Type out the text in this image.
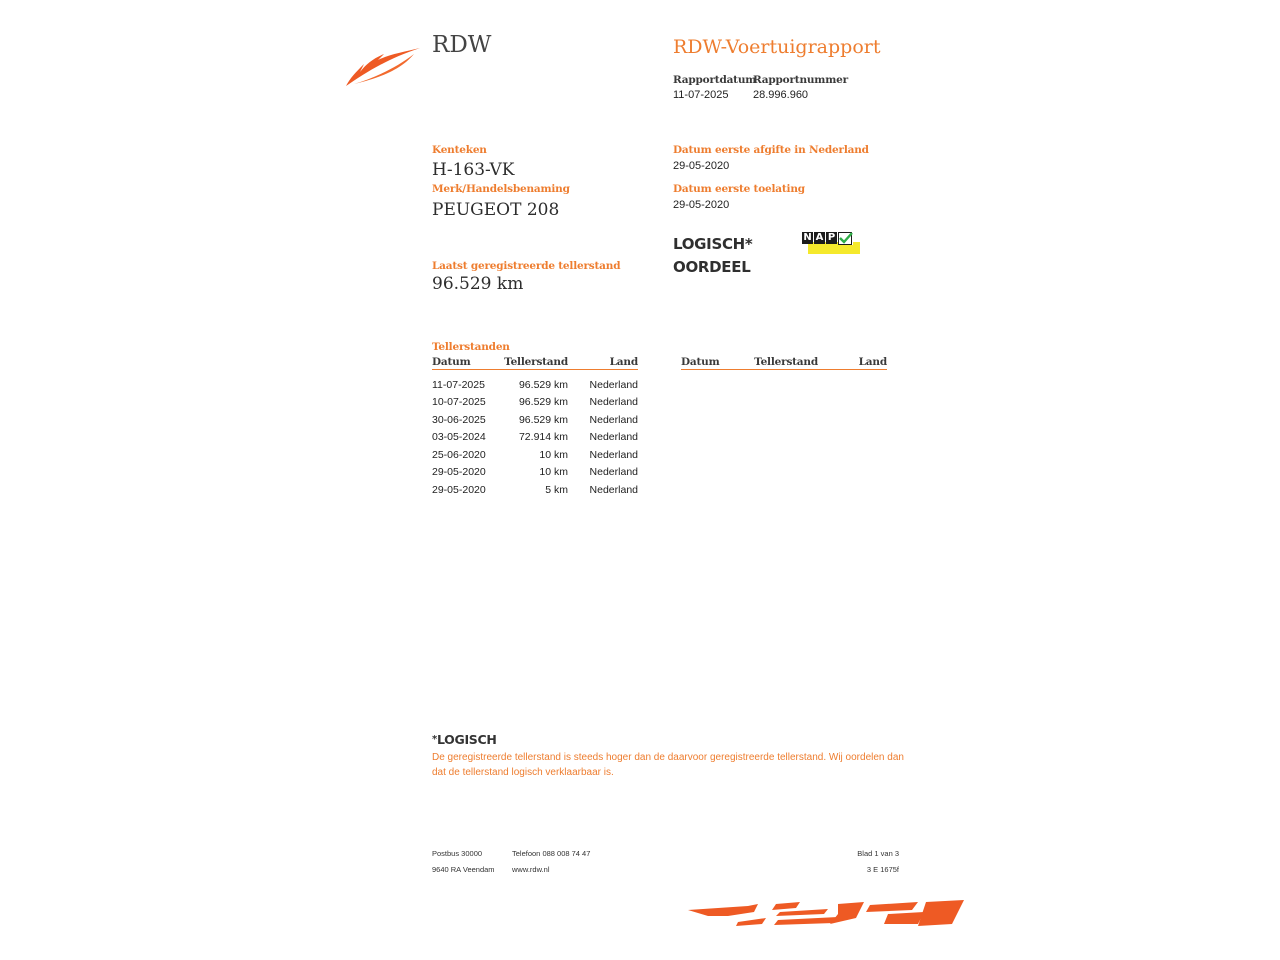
RDW	RDW-Voertuigrapport
Rapportdatum
11-07-2025
Rapportnummer
28.996.960
Kenteken
H-163-VK
Merk/Handelsbenaming
PEUGEOT 208
Laatst geregistreerde tellerstand
96.529 km
Datum eerste afgifte in Nederland
29-05-2020
Datum eerste toelating
29-05-2020
LOGISCH*
OORDEEL
N A P
Tellerstanden
Datum	Tellerstand	Land

11-07-2025	96.529 km	Nederland
10-07-2025	96.529 km	Nederland
30-06-2025	96.529 km	Nederland
03-05-2024	72.914 km	Nederland
25-06-2020	10 km	Nederland
29-05-2020	10 km	Nederland
29-05-2020	5 km	Nederland
Datum	Tellerstand	Land
*LOGISCH
De geregistreerde tellerstand is steeds hoger dan de daarvoor geregistreerde tellerstand. Wij oordelen dan
dat de tellerstand logisch verklaarbaar is.
Postbus 30000
9640 RA Veendam
Telefoon 088 008 74 47
www.rdw.nl
Blad 1 van 3
3 E 1675f
